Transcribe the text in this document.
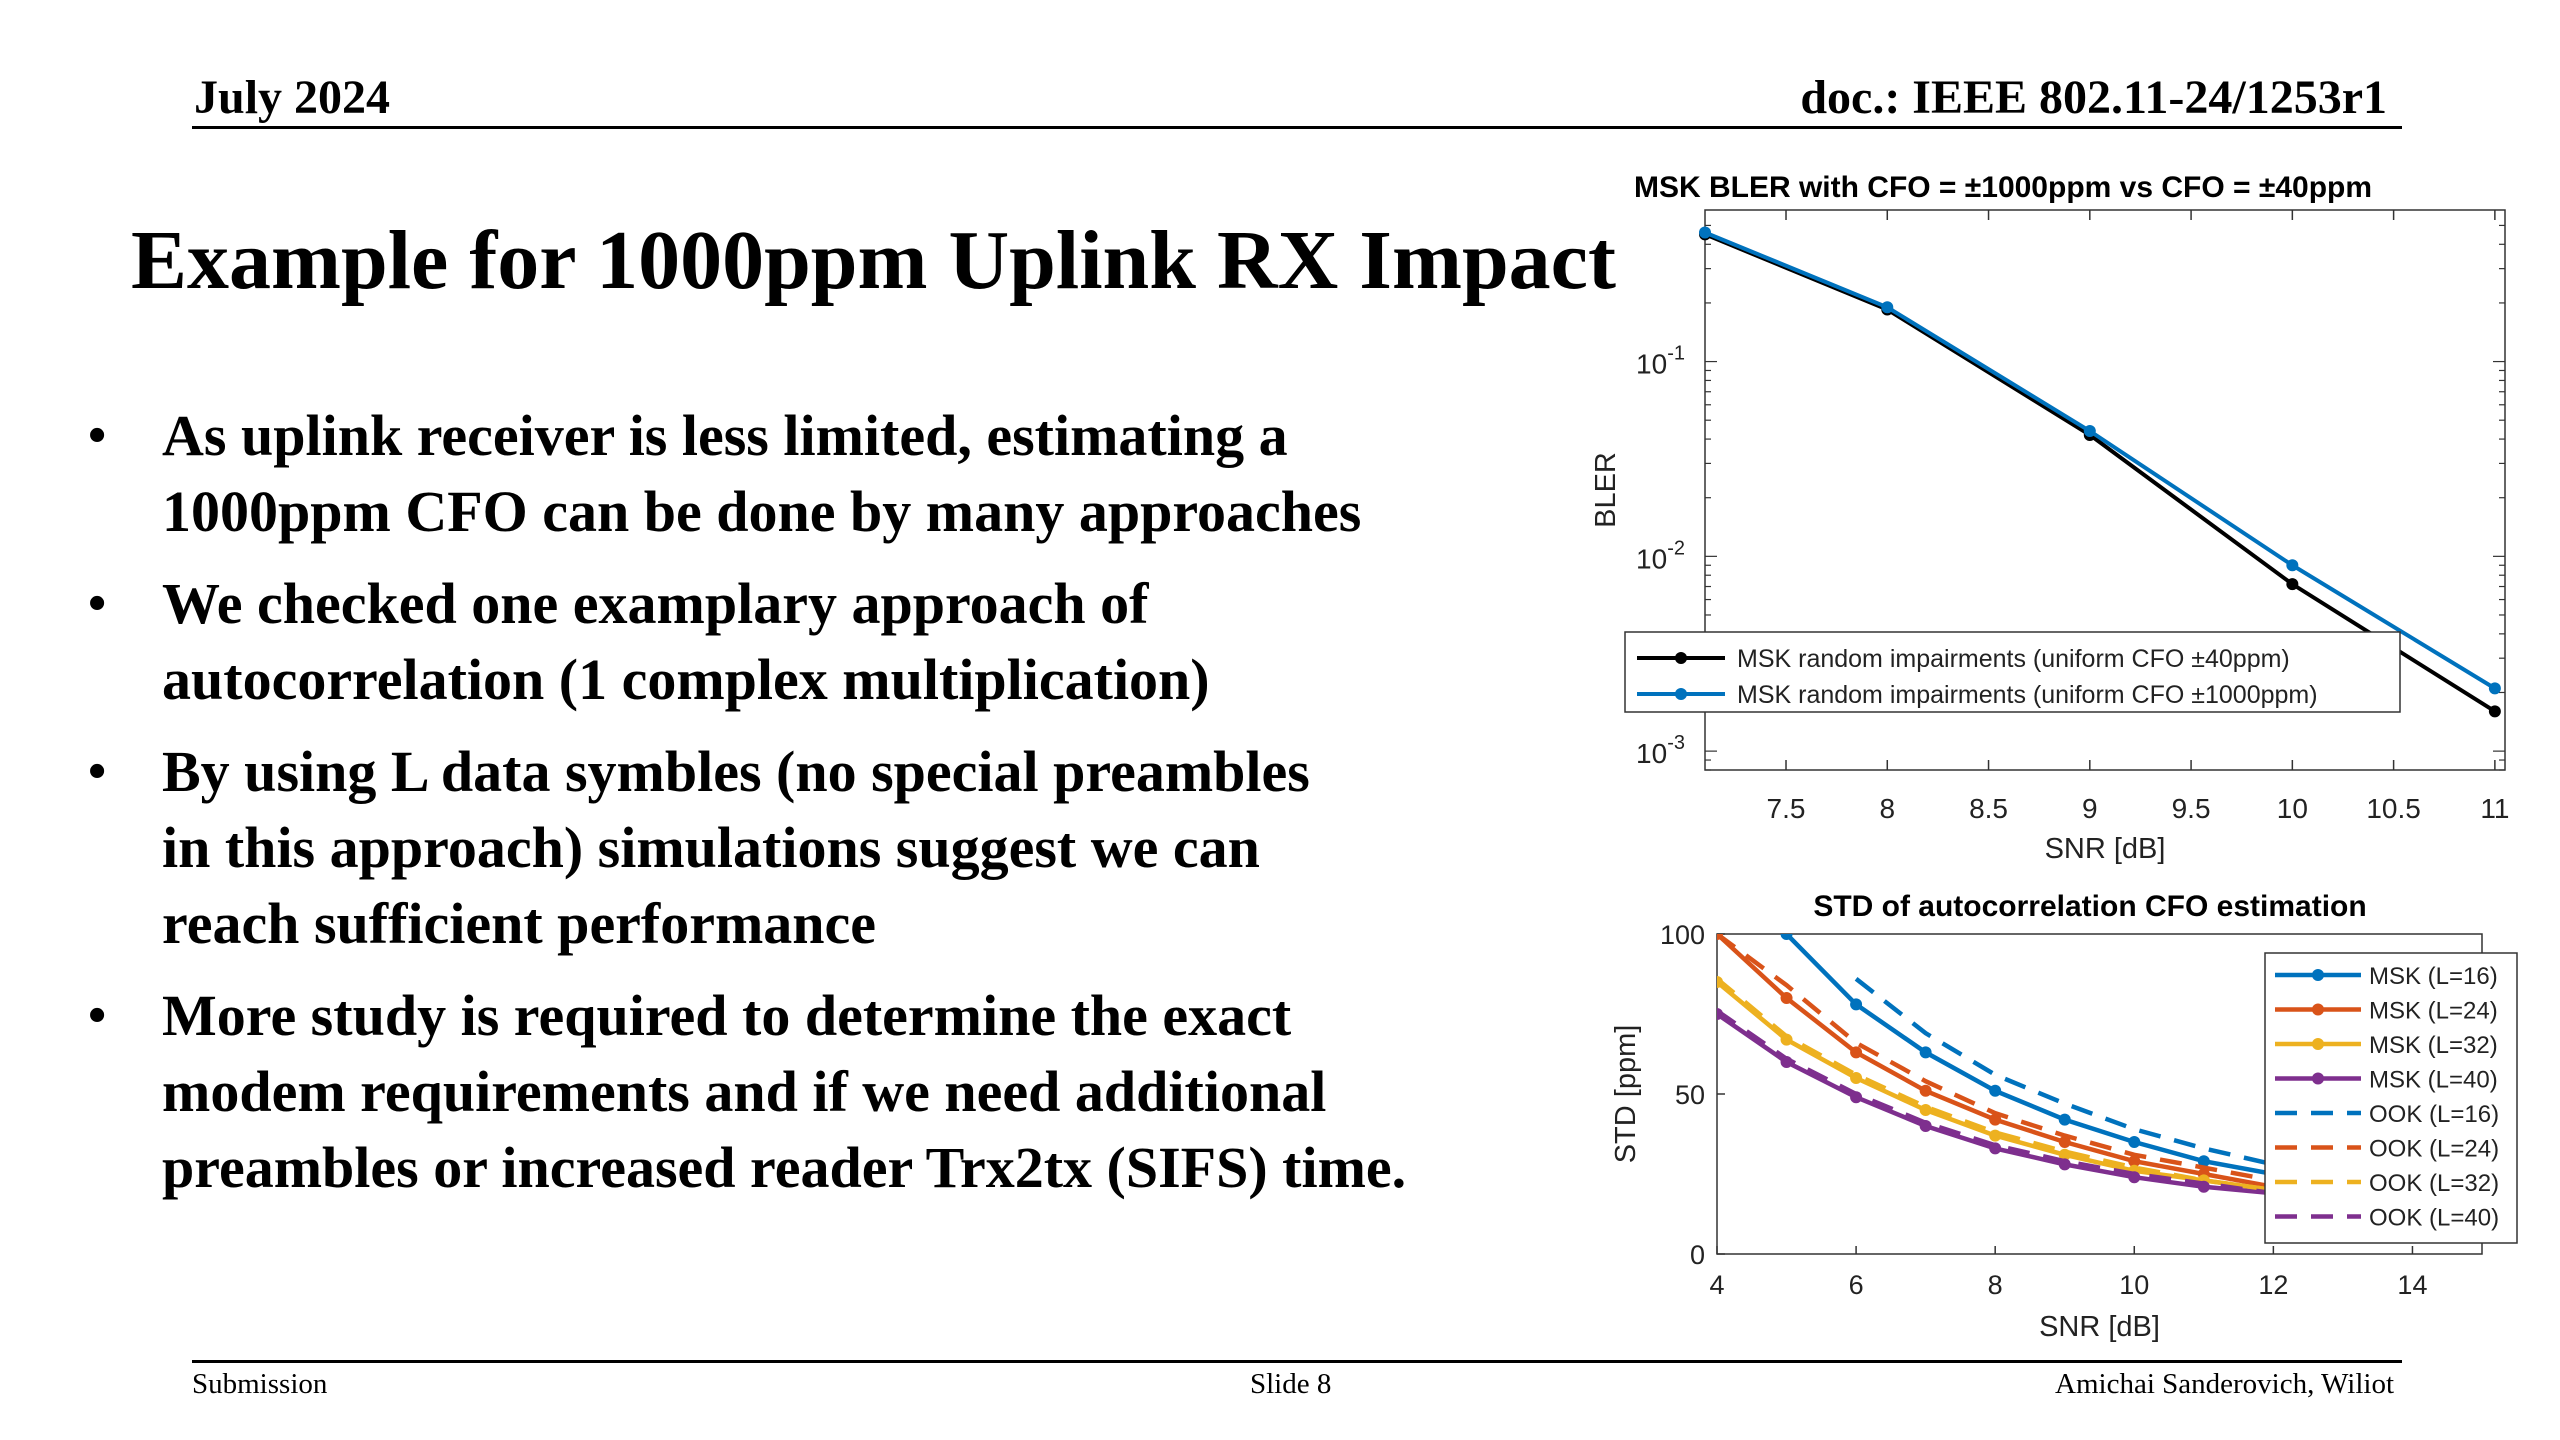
July 2024	doc.: IEEE 802.11-24/1253r1
Example for 1000ppm Uplink RX Impact
• As uplink receiver is less limited, estimating a
1000ppm CFO can be done by many approaches
• We checked one examplary approach of
autocorrelation (1 complex multiplication)
• By using L data symbles (no special preambles
in this approach) simulations suggest we can
reach sufficient performance
• More study is required to determine the exact
modem requirements and if we need additional
preambles or increased reader Trx2tx (SIFS) time.
MSK BLER with CFO = ±1000ppm vs CFO = ±40ppm
7.5	8	8.5	9	9.5 10 10.5 11
$10^{-1}$
$10^{-2}$
$10^{-3}$
SNR [dB]
BLER
MSK random impairments (uniform CFO ±40ppm)
MSK random impairments (uniform CFO ±1000ppm)
STD of autocorrelation CFO estimation
4	6	8	10	12	14
0
50
100
SNR [dB]
STD [ppm]
MSK (L=16)
MSK (L=24)
MSK (L=32)
MSK (L=40)
OOK (L=16)
OOK (L=24)
OOK (L=32)
OOK (L=40)
Submission	Slide 8	Amichai Sanderovich, Wiliot
